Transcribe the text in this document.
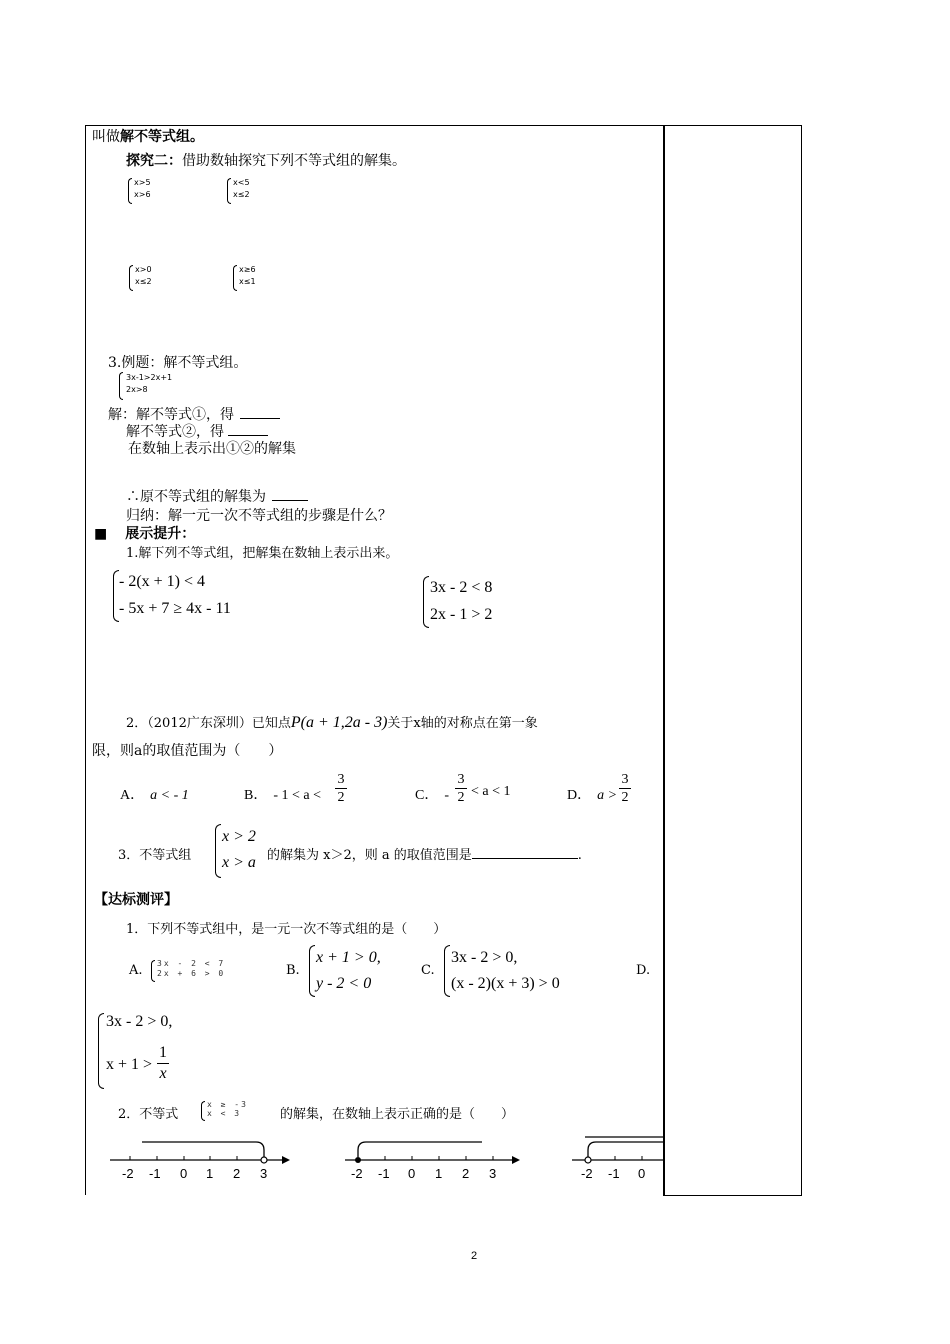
叫做解不等式组。
探究二：借助数轴探究下列不等式组的解集。
x>5
x>6
x<5
x≤2
x>0
x≤2
x≥6
x≤1
3.例题：解不等式组。
3x-1>2x+1
2x>8
解：解不等式①，得
解不等式②，得
在数轴上表示出①②的解集
∴原不等式组的解集为
归纳：解一元一次不等式组的步骤是什么？
■ 展示提升：
1.解下列不等式组，把解集在数轴上表示出来。
- 2(x + 1) < 4
- 5x + 7 ≥ 4x - 11
3x - 2 < 8
2x - 1 > 2
2．（2012广东深圳）已知点P(a + 1,2a - 3)关于x轴的对称点在第一象
限，则a的取值范围为（　　）
A． a < - 1	B． - 1 < a <
3
2	C． -
3
2 < a < 1	D． a >
3
2
3．不等式组
x > 2
x > a 的解集为 x＞2，则 a 的取值范围是	.
【达标测评】
1．下列不等式组中，是一元一次不等式组的是（　　）
A. 3x - 2 < 7
2x + 6 > 0	B.
x + 1 > 0,
y - 2 < 0
C.
3x - 2 > 0,
(x - 2)(x + 3) > 0
D.
3x - 2 > 0,
x + 1 >
1
x
2．不等式
x ≥ -3
x < 3	的解集，在数轴上表示正确的是（　　）
-2 -1 0 1 2 3	-2 -1 0 1 2 3	-2 -1 0
2
